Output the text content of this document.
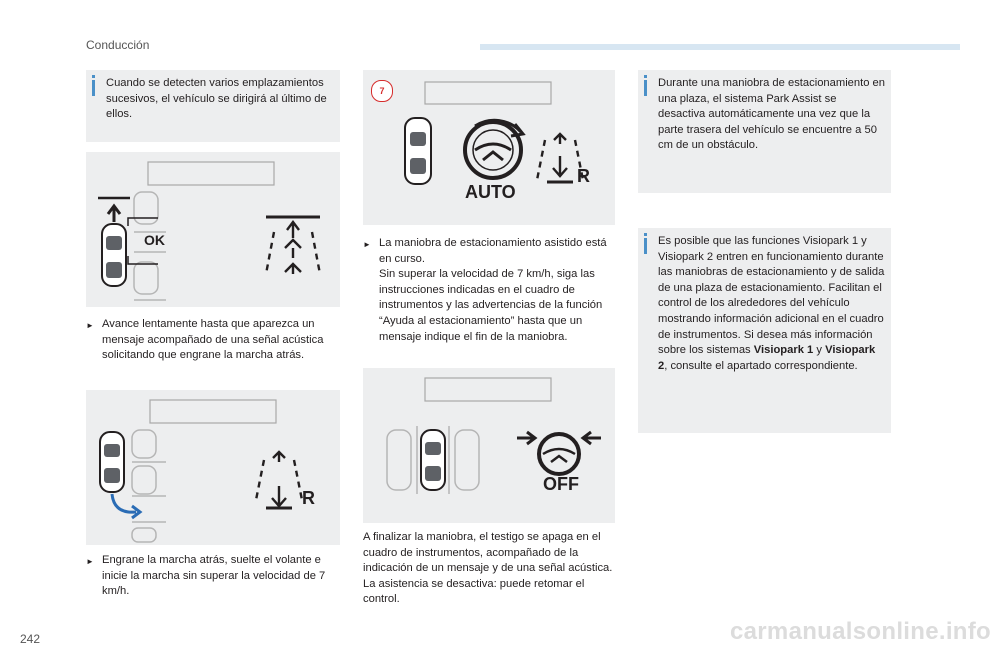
Conducción
Cuando se detecten varios emplazamientos sucesivos, el vehículo se dirigirá al último de ellos.
OK
► Avance lentamente hasta que aparezca un mensaje acompañado de una señal acústica solicitando que engrane la marcha atrás.
R
► Engrane la marcha atrás, suelte el volante e inicie la marcha sin superar la velocidad de 7 km/h.
7
AUTO
R
► La maniobra de estacionamiento asistido está en curso.
Sin superar la velocidad de 7 km/h, siga las instrucciones indicadas en el cuadro de instrumentos y las advertencias de la función “Ayuda al estacionamiento” hasta que un mensaje indique el fin de la maniobra.
OFF
A finalizar la maniobra, el testigo se apaga en el cuadro de instrumentos, acompañado de la indicación de un mensaje y de una señal acústica.
La asistencia se desactiva: puede retomar el control.
Durante una maniobra de estacionamiento en una plaza, el sistema Park Assist se desactiva automáticamente una vez que la parte trasera del vehículo se encuentre a 50 cm de un obstáculo.
Es posible que las funciones Visiopark 1 y Visiopark 2 entren en funcionamiento durante las maniobras de estacionamiento y de salida de una plaza de estacionamiento. Facilitan el control de los alrededores del vehículo mostrando información adicional en el cuadro de instrumentos. Si desea más información sobre los sistemas Visiopark 1 y Visiopark 2, consulte el apartado correspondiente.
242	carmanualsonline.info
